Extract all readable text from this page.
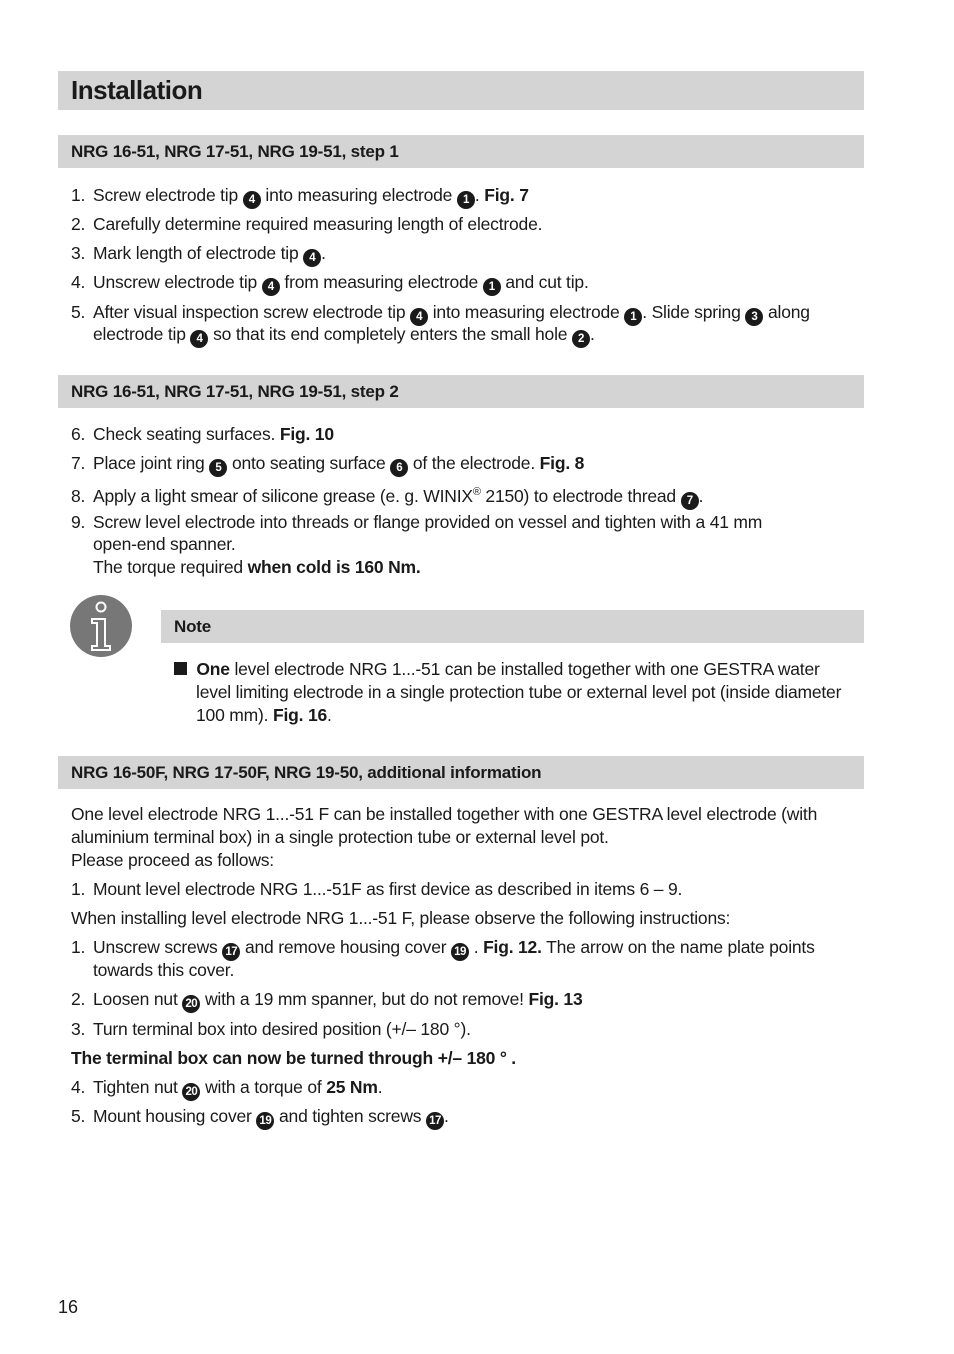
Installation
NRG 16-51, NRG 17-51, NRG 19-51, step 1
1. Screw electrode tip 4 into measuring electrode 1 . Fig. 7
2. Carefully determine required measuring length of electrode.
3. Mark length of electrode tip 4 .
4. Unscrew electrode tip 4 from measuring electrode 1 and cut tip.
5. After visual inspection screw electrode tip 4 into measuring electrode 1 . Slide spring 3 along
electrode tip 4 so that its end completely enters the small hole 2 .
NRG 16-51, NRG 17-51, NRG 19-51, step 2
6. Check seating surfaces. Fig. 10
7. Place joint ring 5 onto seating surface 6 of the electrode. Fig. 8
8. Apply a light smear of silicone grease (e. g. WINIX® 2150) to electrode thread 7 .
9. Screw level electrode into threads or flange provided on vessel and tighten with a 41 mm
open-end spanner.
The torque required when cold is 160 Nm.
Note
One level electrode NRG 1...-51 can be installed together with one GESTRA water
level limiting electrode in a single protection tube or external level pot (inside diameter
100 mm). Fig. 16.
NRG 16-50F, NRG 17-50F, NRG 19-50, additional information
One level electrode NRG 1...-51 F can be installed together with one GESTRA level electrode (with
aluminium terminal box) in a single protection tube or external level pot.
Please proceed as follows:
1. Mount level electrode NRG 1...-51F as first device as described in items 6 – 9.
When installing level electrode NRG 1...-51 F, please observe the following instructions:
1. Unscrew screws 17 and remove housing cover 19 . Fig. 12. The arrow on the name plate points
towards this cover.
2. Loosen nut 20 with a 19 mm spanner, but do not remove! Fig. 13
3. Turn terminal box into desired position (+/– 180 °).
The terminal box can now be turned through +/– 180 ° .
4. Tighten nut 20 with a torque of 25 Nm.
5. Mount housing cover 19 and tighten screws 17 .
16
